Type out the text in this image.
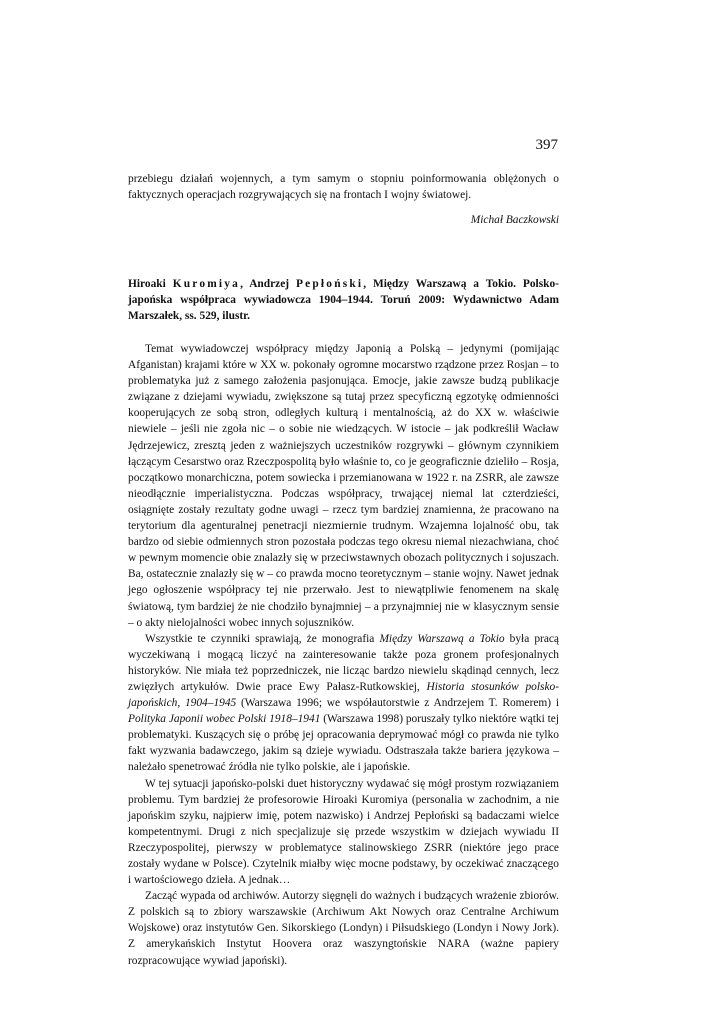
397

przebiegu działań wojennych, a tym samym o stopniu poinformowania oblężonych o faktycznych operacjach rozgrywających się na frontach I wojny światowej.

Michał Baczkowski
Hiroaki Kuromiya, Andrzej Pepłoński, Między Warszawą a Tokio. Polsko-japońska współpraca wywiadowcza 1904–1944. Toruń 2009: Wydawnictwo Adam Marszałek, ss. 529, ilustr.

Temat wywiadowczej współpracy między Japonią a Polską – jedynymi (pomijając Afganistan) krajami które w XX w. pokonały ogromne mocarstwo rządzone przez Rosjan – to problematyka już z samego założenia pasjonująca. Emocje, jakie zawsze budzą publikacje związane z dziejami wywiadu, zwiększone są tutaj przez specyficzną egzotykę odmienności kooperujących ze sobą stron, odległych kulturą i mentalnością, aż do XX w. właściwie niewiele – jeśli nie zgoła nic – o sobie nie wiedzących. W istocie – jak podkreślił Wacław Jędrzejewicz, zresztą jeden z ważniejszych uczestników rozgrywki – głównym czynnikiem łączącym Cesarstwo oraz Rzeczpospolitą było właśnie to, co je geograficznie dzieliło – Rosja, początkowo monarchiczna, potem sowiecka i przemianowana w 1922 r. na ZSRR, ale zawsze nieodłącznie imperialistyczna. Podczas współpracy, trwającej niemal lat czterdzieści, osiągnięte zostały rezultaty godne uwagi – rzecz tym bardziej znamienna, że pracowano na terytorium dla agenturalnej penetracji niezmiernie trudnym. Wzajemna lojalność obu, tak bardzo od siebie odmiennych stron pozostała podczas tego okresu niemal niezachwiana, choć w pewnym momencie obie znalazły się w przeciwstawnych obozach politycznych i sojuszach. Ba, ostatecznie znalazły się w – co prawda mocno teoretycznym – stanie wojny. Nawet jednak jego ogłoszenie współpracy tej nie przerwało. Jest to niewątpliwie fenomenem na skalę światową, tym bardziej że nie chodziło bynajmniej – a przynajmniej nie w klasycznym sensie – o akty nielojalności wobec innych sojuszników.

Wszystkie te czynniki sprawiają, że monografia Między Warszawą a Tokio była pracą wyczekiwaną i mogącą liczyć na zainteresowanie także poza gronem profesjonalnych historyków. Nie miała też poprzedniczek, nie licząc bardzo niewielu skądinąd cennych, lecz zwięzłych artykułów. Dwie prace Ewy Pałasz-Rutkowskiej, Historia stosunków polsko-japońskich, 1904–1945 (Warszawa 1996; we współautorstwie z Andrzejem T. Romerem) i Polityka Japonii wobec Polski 1918–1941 (Warszawa 1998) poruszały tylko niektóre wątki tej problematyki. Kuszących się o próbę jej opracowania deprymować mógł co prawda nie tylko fakt wyzwania badawczego, jakim są dzieje wywiadu. Odstraszała także bariera językowa – należało spenetrować źródła nie tylko polskie, ale i japońskie.

W tej sytuacji japońsko-polski duet historyczny wydawać się mógł prostym rozwiązaniem problemu. Tym bardziej że profesorowie Hiroaki Kuromiya (personalia w zachodnim, a nie japońskim szyku, najpierw imię, potem nazwisko) i Andrzej Pepłoński są badaczami wielce kompetentnymi. Drugi z nich specjalizuje się przede wszystkim w dziejach wywiadu II Rzeczypospolitej, pierwszy w problematyce stalinowskiego ZSRR (niektóre jego prace zostały wydane w Polsce). Czytelnik miałby więc mocne podstawy, by oczekiwać znaczącego i wartościowego dzieła. A jednak…

Zacząć wypada od archiwów. Autorzy sięgnęli do ważnych i budzących wrażenie zbiorów. Z polskich są to zbiory warszawskie (Archiwum Akt Nowych oraz Centralne Archiwum Wojskowe) oraz instytutów Gen. Sikorskiego (Londyn) i Piłsudskiego (Londyn i Nowy Jork). Z amerykańskich Instytut Hoovera oraz waszyngtońskie NARA (ważne papiery rozpracowujące wywiad japoński).
